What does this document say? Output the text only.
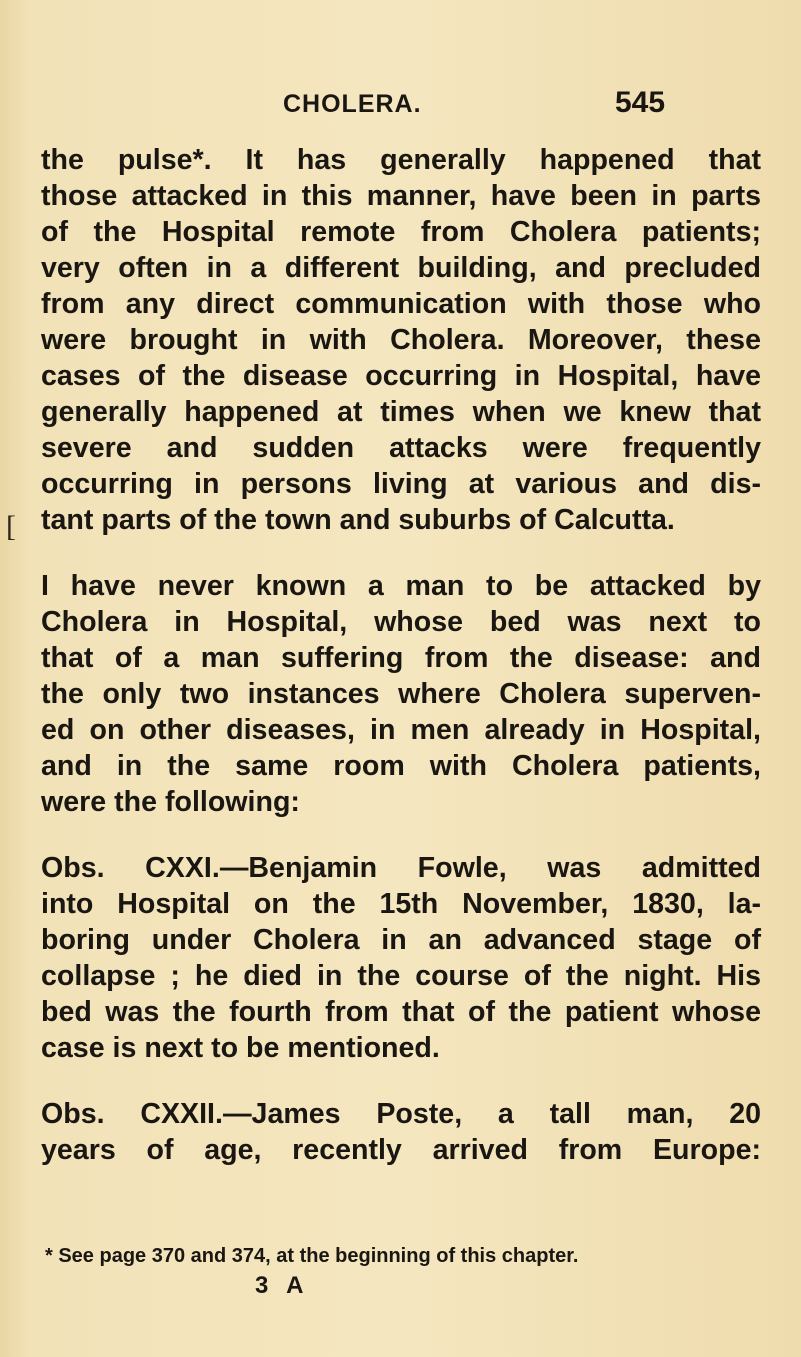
CHOLERA.	545
[
the pulse*. It has generally happened that
those attacked in this manner, have been in parts
of the Hospital remote from Cholera patients;
very often in a different building, and precluded
from any direct communication with those who
were brought in with Cholera. Moreover, these
cases of the disease occurring in Hospital, have
generally happened at times when we knew that
severe and sudden attacks were frequently
occurring in persons living at various and dis-
tant parts of the town and suburbs of Calcutta.
I have never known a man to be attacked by
Cholera in Hospital, whose bed was next to
that of a man suffering from the disease: and
the only two instances where Cholera superven-
ed on other diseases, in men already in Hospital,
and in the same room with Cholera patients,
were the following:
Obs. CXXI.—Benjamin Fowle, was admitted
into Hospital on the 15th November, 1830, la-
boring under Cholera in an advanced stage of
collapse ; he died in the course of the night. His
bed was the fourth from that of the patient whose
case is next to be mentioned.
Obs. CXXII.—James Poste, a tall man, 20
years of age, recently arrived from Europe:
* See page 370 and 374, at the beginning of this chapter.
3 A
